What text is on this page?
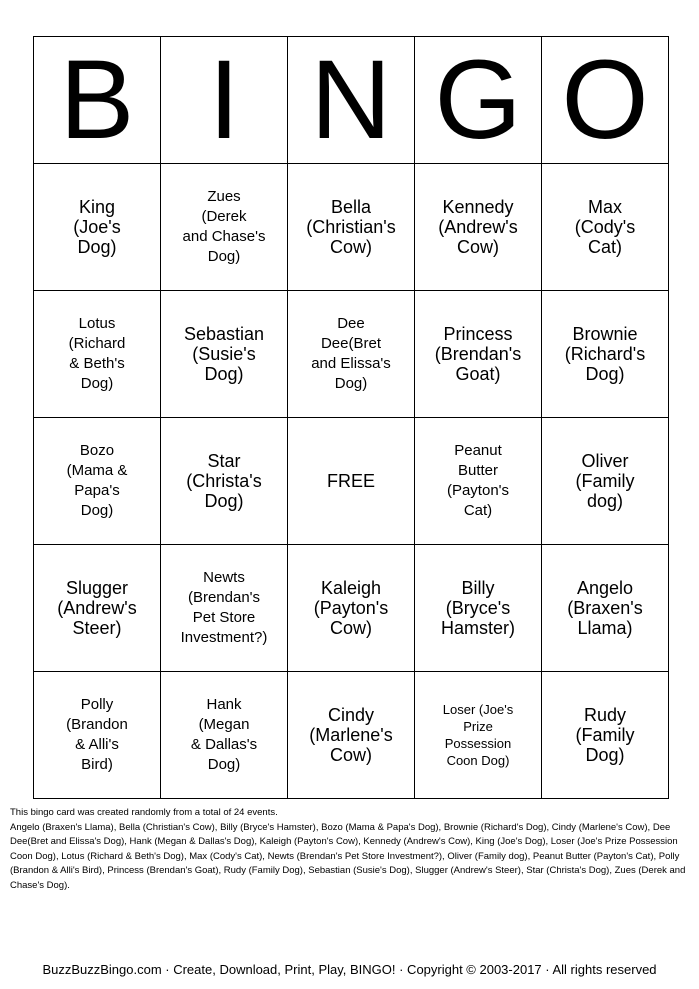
B	I	N	G	O
King
(Joe's
Dog)	Zues
(Derek
and Chase's
Dog)	Bella
(Christian's
Cow)	Kennedy
(Andrew's
Cow)	Max
(Cody's
Cat)
Lotus
(Richard
& Beth's
Dog)	Sebastian
(Susie's
Dog)	Dee
Dee(Bret
and Elissa's
Dog)	Princess
(Brendan's
Goat)	Brownie
(Richard's
Dog)
Bozo
(Mama &
Papa's
Dog)	Star
(Christa's
Dog)	FREE	Peanut
Butter
(Payton's
Cat)	Oliver
(Family
dog)
Slugger
(Andrew's
Steer)	Newts
(Brendan's
Pet Store
Investment?)	Kaleigh
(Payton's
Cow)	Billy
(Bryce's
Hamster)	Angelo
(Braxen's
Llama)
Polly
(Brandon
& Alli's
Bird)	Hank
(Megan
& Dallas's
Dog)	Cindy
(Marlene's
Cow)	Loser (Joe's
Prize
Possession
Coon Dog)	Rudy
(Family
Dog)
This bingo card was created randomly from a total of 24 events.
Angelo (Braxen's Llama), Bella (Christian's Cow), Billy (Bryce's Hamster), Bozo (Mama & Papa's Dog), Brownie (Richard's Dog), Cindy (Marlene's Cow), Dee Dee(Bret and Elissa's Dog), Hank (Megan & Dallas's Dog), Kaleigh (Payton's Cow), Kennedy (Andrew's Cow), King (Joe's Dog), Loser (Joe's Prize Possession Coon Dog), Lotus (Richard & Beth's Dog), Max (Cody's Cat), Newts (Brendan's Pet Store Investment?), Oliver (Family dog), Peanut Butter (Payton's Cat), Polly (Brandon & Alli's Bird), Princess (Brendan's Goat), Rudy (Family Dog), Sebastian (Susie's Dog), Slugger (Andrew's Steer), Star (Christa's Dog), Zues (Derek and Chase's Dog).
BuzzBuzzBingo.com · Create, Download, Print, Play, BINGO! · Copyright © 2003-2017 · All rights reserved
